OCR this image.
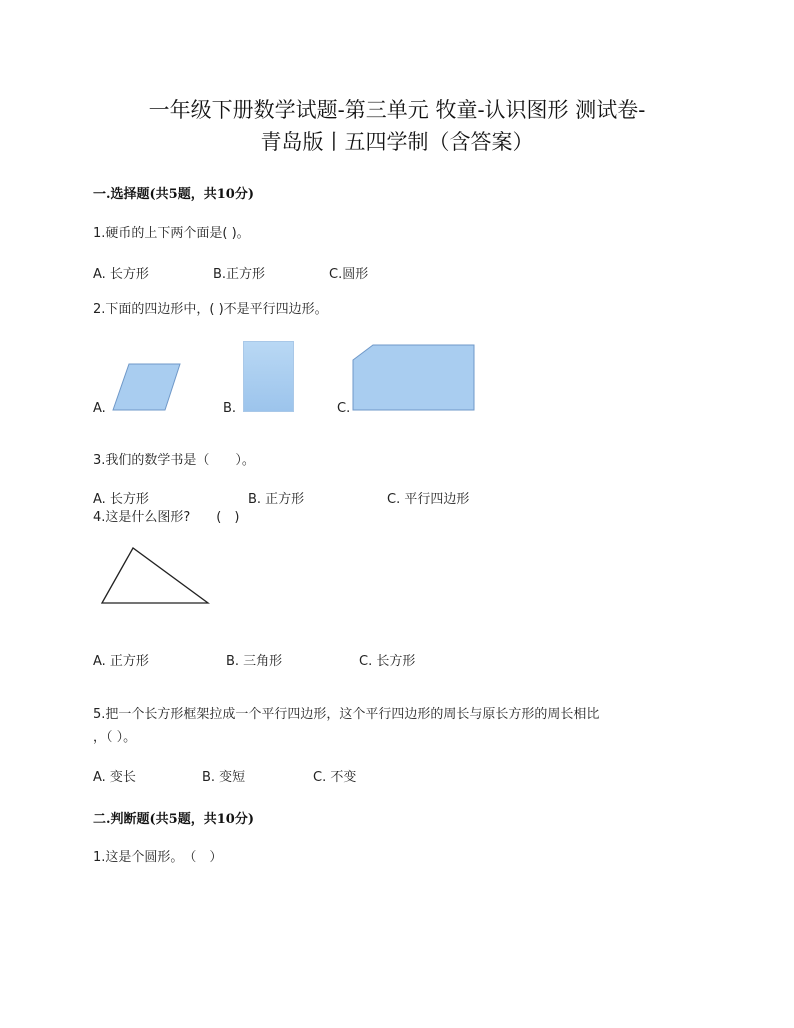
一年级下册数学试题-第三单元 牧童-认识图形 测试卷-
青岛版丨五四学制（含答案）
一.选择题(共5题，共10分)
1.硬币的上下两个面是( )。
A. 长方形	B.正方形	C.圆形
2.下面的四边形中，( )不是平行四边形。
A.	B.	C.
3.我们的数学书是（　　）。
A. 长方形	B. 正方形	C. 平行四边形
4.这是什么图形?　　(　)
A. 正方形	B. 三角形	C. 长方形
5.把一个长方形框架拉成一个平行四边形，这个平行四边形的周长与原长方形的周长相比
，（ ）。
A. 变长	B. 变短	C. 不变
二.判断题(共5题，共10分)
1.这是个圆形。　（　）
